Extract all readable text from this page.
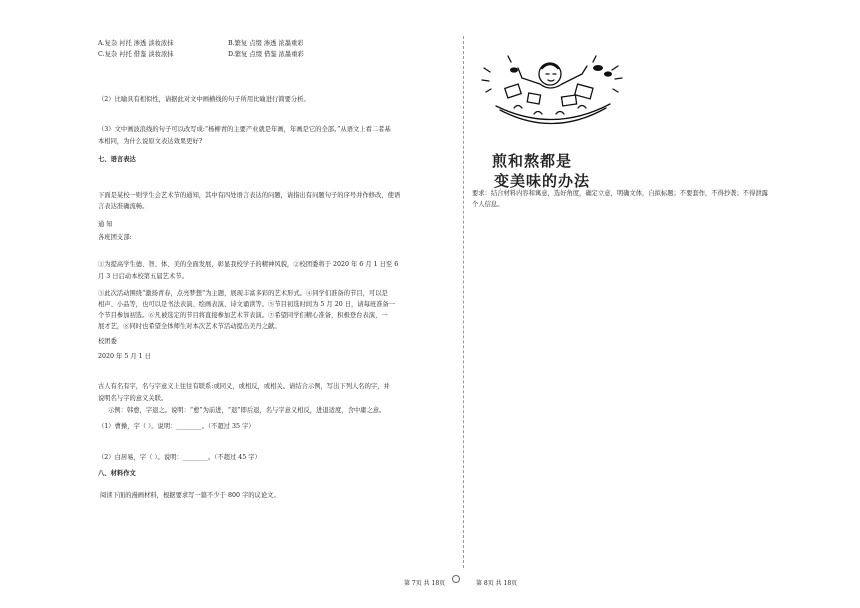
A.复杂 衬托 渗透 淡妆浓抹	B.繁复 点缀 渗透 浓墨重彩
C.复杂 衬托 借鉴 淡妆浓抹	D.繁复 点缀 借鉴 浓墨重彩
（2）比喻具有相似性，请据此对文中画横线的句子所用比喻进行简要分析。
（3）文中画波浪线的句子可以改写成:“杨柳青的主要产业就是年画，年画是它的全部。”从语文上看二者基
本相同，为什么说原文表达效果更好?
七、语言表达
下面是某校一则学生会艺术节的通知，其中有四处语言表达的问题，请指出有问题句子的序号并作修改，使语
言表达准确流畅。
通 知
各班团支部:
①为提高学生德、智、体、美的全面发展，彰显我校学子的精神风貌，②校团委将于 2020 年 6 月 1 日至 6
月 3 日启动本校第五届艺术节。
③此次活动围绕“激扬青春，点亮梦想”为主题，展现丰富多彩的艺术形式。④同学们准备的节目，可以是
相声、小品等，也可以是书法表演、绘画表演、诗文诵读等。⑤节目初选时间为 5 月 20 日，请每班准备一
个节目参加初选。⑥凡被选定的节目将直接参加艺术节表演。⑦希望同学们精心准备，积极登台表演，一
展才艺，⑧同时也希望全体师生对本次艺术节活动提出美丹之献。
校团委
2020 年 5 月 1 日
古人有名有字，名与字意义上往往有联系:或同义，或相反，或相关。请结合示例，写出下列人名的字，并
说明名与字的意义关联。
示例：韩愈，字退之。说明：“愈”为前进，“退”即后退，名与字意义相反，进退适度，含中庸之意。
（1）曹操，字（ ）。说明：________。（不超过 35 字）
（2）白居易，字（ ）。说明：________。（不超过 45 字）
八、材料作文
阅读下面的漫画材料，根据要求写一篇不少于 800 字的议论文。
煎和熬都是
变美味的办法
要求：结合材料内容和寓意，选好角度，确定立意，明确文体，自拟标题；不要套作，不得抄袭；不得泄露
个人信息。
第 7页 共 18页	第 8页 共 18页
